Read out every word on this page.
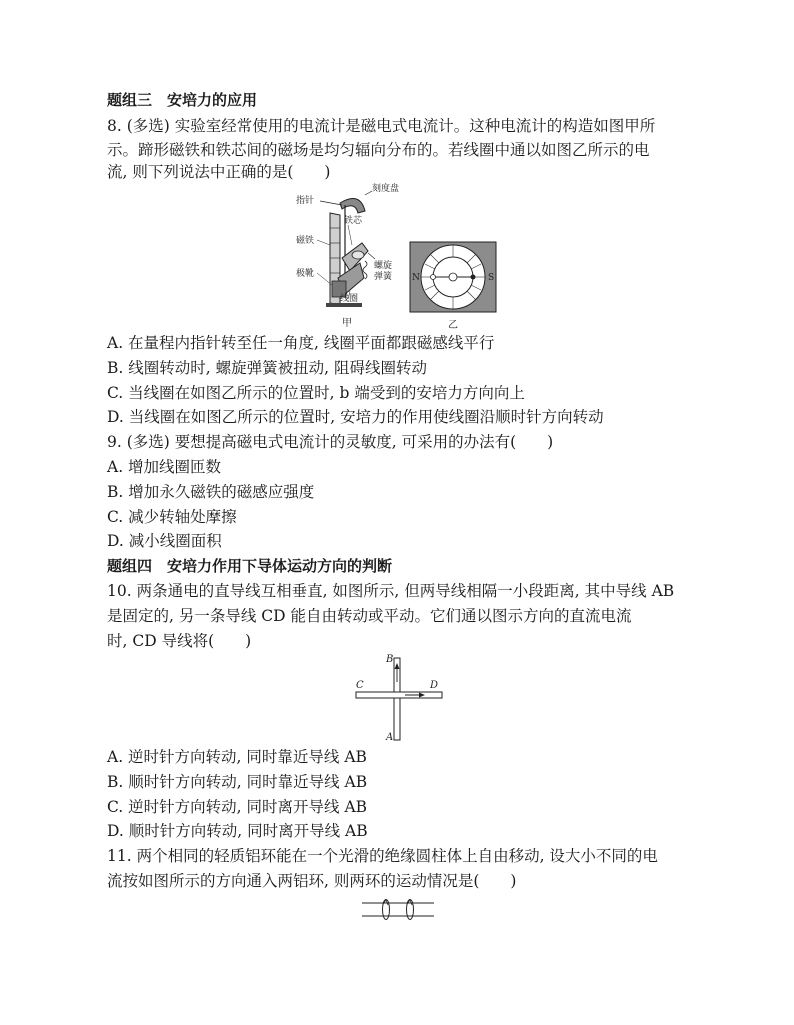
题组三　安培力的应用
8. (多选) 实验室经常使用的电流计是磁电式电流计。这种电流计的构造如图甲所
示。蹄形磁铁和铁芯间的磁场是均匀辐向分布的。若线圈中通以如图乙所示的电
流, 则下列说法中正确的是(　　)
指针
刻度盘
铁芯
磁铁
极靴
螺旋
弹簧
线圈
甲
N	S
乙
A. 在量程内指针转至任一角度, 线圈平面都跟磁感线平行
B. 线圈转动时, 螺旋弹簧被扭动, 阻碍线圈转动
C. 当线圈在如图乙所示的位置时, b 端受到的安培力方向向上
D. 当线圈在如图乙所示的位置时, 安培力的作用使线圈沿顺时针方向转动
9. (多选) 要想提高磁电式电流计的灵敏度, 可采用的办法有(　　)
A. 增加线圈匝数
B. 增加永久磁铁的磁感应强度
C. 减少转轴处摩擦
D. 减小线圈面积
题组四　安培力作用下导体运动方向的判断
10. 两条通电的直导线互相垂直, 如图所示, 但两导线相隔一小段距离, 其中导线 AB
是固定的, 另一条导线 CD 能自由转动或平动。它们通以图示方向的直流电流
时, CD 导线将(　　)
B
A
C	D
A. 逆时针方向转动, 同时靠近导线 AB
B. 顺时针方向转动, 同时靠近导线 AB
C. 逆时针方向转动, 同时离开导线 AB
D. 顺时针方向转动, 同时离开导线 AB
11. 两个相同的轻质铝环能在一个光滑的绝缘圆柱体上自由移动, 设大小不同的电
流按如图所示的方向通入两铝环, 则两环的运动情况是(　　)
